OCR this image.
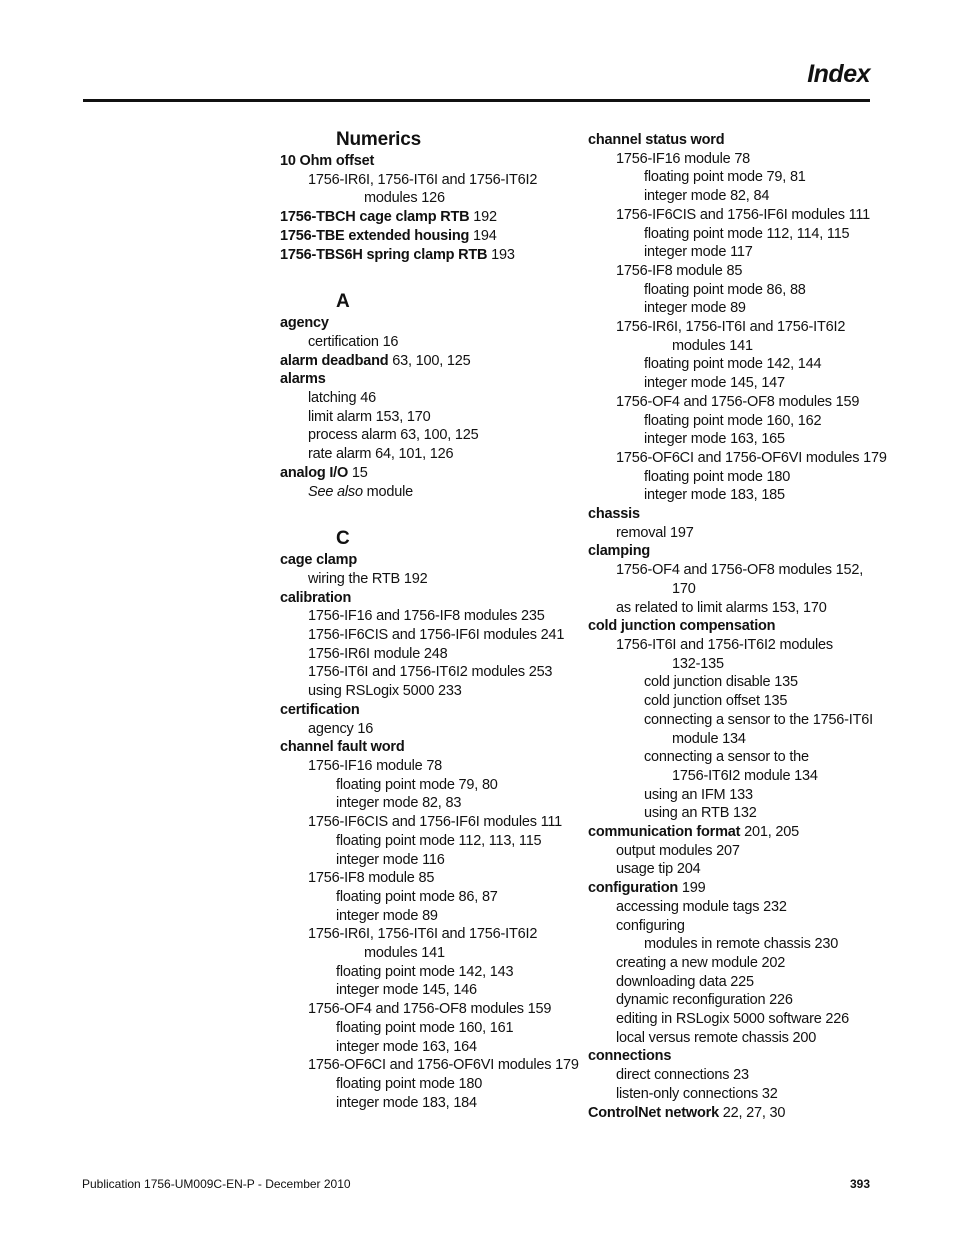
Index
Numerics
10 Ohm offset
1756-IR6I, 1756-IT6I and 1756-IT6I2
modules 126
1756-TBCH cage clamp RTB 192
1756-TBE extended housing 194
1756-TBS6H spring clamp RTB 193
A
agency
certification 16
alarm deadband 63, 100, 125
alarms
latching 46
limit alarm 153, 170
process alarm 63, 100, 125
rate alarm 64, 101, 126
analog I/O 15
See also module
C
cage clamp
wiring the RTB 192
calibration
1756-IF16 and 1756-IF8 modules 235
1756-IF6CIS and 1756-IF6I modules 241
1756-IR6I module 248
1756-IT6I and 1756-IT6I2 modules 253
using RSLogix 5000 233
certification
agency 16
channel fault word
1756-IF16 module 78
floating point mode 79, 80
integer mode 82, 83
1756-IF6CIS and 1756-IF6I modules 111
floating point mode 112, 113, 115
integer mode 116
1756-IF8 module 85
floating point mode 86, 87
integer mode 89
1756-IR6I, 1756-IT6I and 1756-IT6I2
modules 141
floating point mode 142, 143
integer mode 145, 146
1756-OF4 and 1756-OF8 modules 159
floating point mode 160, 161
integer mode 163, 164
1756-OF6CI and 1756-OF6VI modules 179
floating point mode 180
integer mode 183, 184
channel status word
1756-IF16 module 78
floating point mode 79, 81
integer mode 82, 84
1756-IF6CIS and 1756-IF6I modules 111
floating point mode 112, 114, 115
integer mode 117
1756-IF8 module 85
floating point mode 86, 88
integer mode 89
1756-IR6I, 1756-IT6I and 1756-IT6I2
modules 141
floating point mode 142, 144
integer mode 145, 147
1756-OF4 and 1756-OF8 modules 159
floating point mode 160, 162
integer mode 163, 165
1756-OF6CI and 1756-OF6VI modules 179
floating point mode 180
integer mode 183, 185
chassis
removal 197
clamping
1756-OF4 and 1756-OF8 modules 152,
170
as related to limit alarms 153, 170
cold junction compensation
1756-IT6I and 1756-IT6I2 modules
132-135
cold junction disable 135
cold junction offset 135
connecting a sensor to the 1756-IT6I
module 134
connecting a sensor to the
1756-IT6I2 module 134
using an IFM 133
using an RTB 132
communication format 201, 205
output modules 207
usage tip 204
configuration 199
accessing module tags 232
configuring
modules in remote chassis 230
creating a new module 202
downloading data 225
dynamic reconfiguration 226
editing in RSLogix 5000 software 226
local versus remote chassis 200
connections
direct connections 23
listen-only connections 32
ControlNet network 22, 27, 30
Publication 1756-UM009C-EN-P - December 2010	393
